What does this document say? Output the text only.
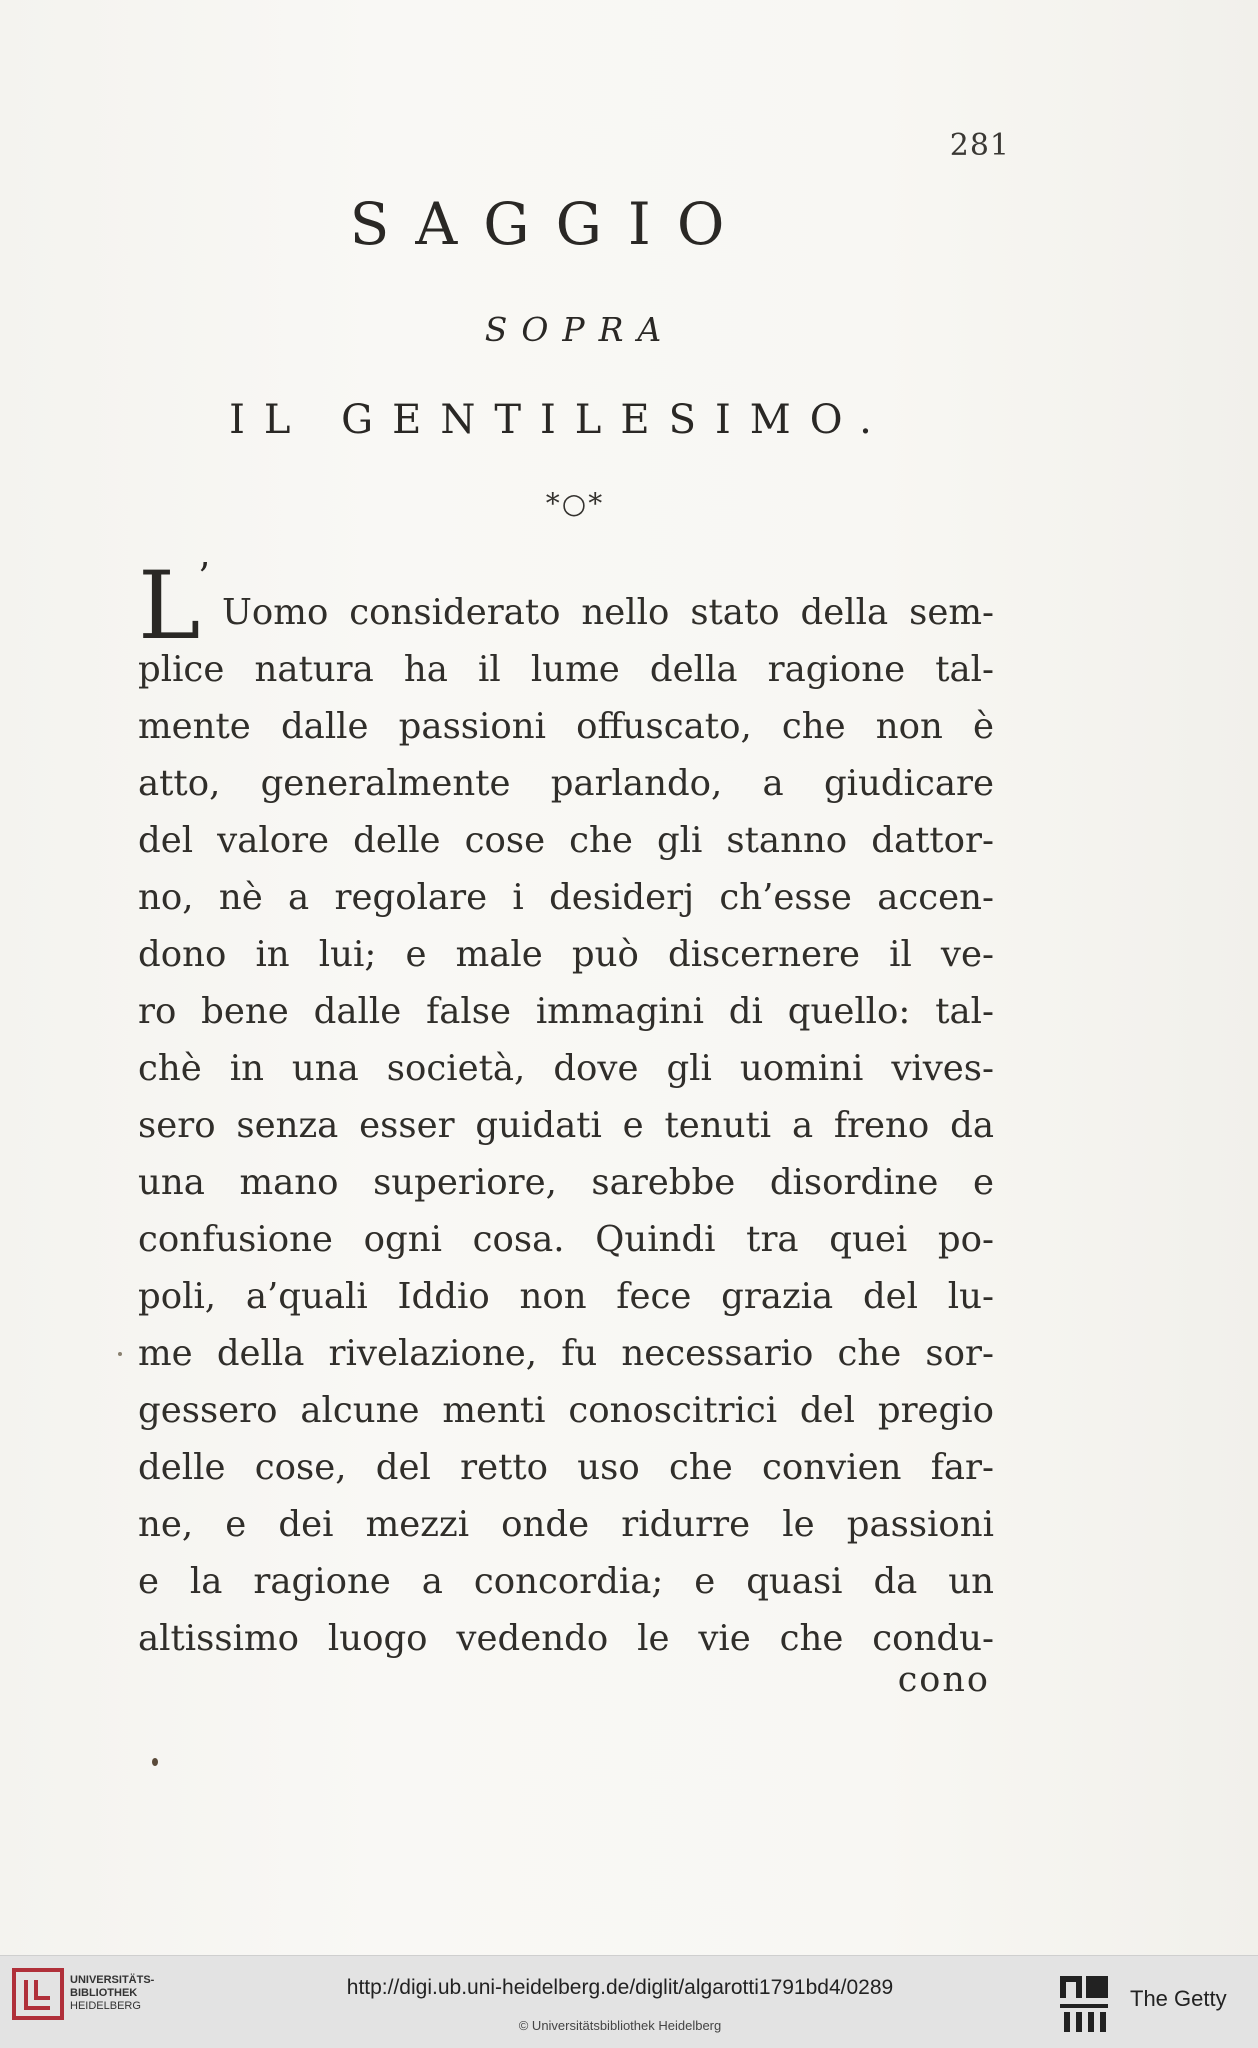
281
SAGGIO
SOPRA
IL GENTILESIMO.
*○*
L
’
Uomo considerato nello stato della sem-
plice natura ha il lume della ragione tal-
mente dalle passioni offuscato, che non è
atto, generalmente parlando, a giudicare
del valore delle cose che gli stanno dattor-
no, nè a regolare i desiderj ch’esse accen-
dono in lui; e male può discernere il ve-
ro bene dalle false immagini di quello: tal-
chè in una società, dove gli uomini vives-
sero senza esser guidati e tenuti a freno da
una mano superiore, sarebbe disordine e
confusione ogni cosa. Quindi tra quei po-
poli, a’quali Iddio non fece grazia del lu-
me della rivelazione, fu necessario che sor-
gessero alcune menti conoscitrici del pregio
delle cose, del retto uso che convien far-
ne, e dei mezzi onde ridurre le passioni
e la ragione a concordia; e quasi da un
altissimo luogo vedendo le vie che condu-
cono
UNIVERSITÄTS-
BIBLIOTHEK
HEIDELBERG
http://digi.ub.uni-heidelberg.de/diglit/algarotti1791bd4/0289
© Universitätsbibliothek Heidelberg
The Getty
